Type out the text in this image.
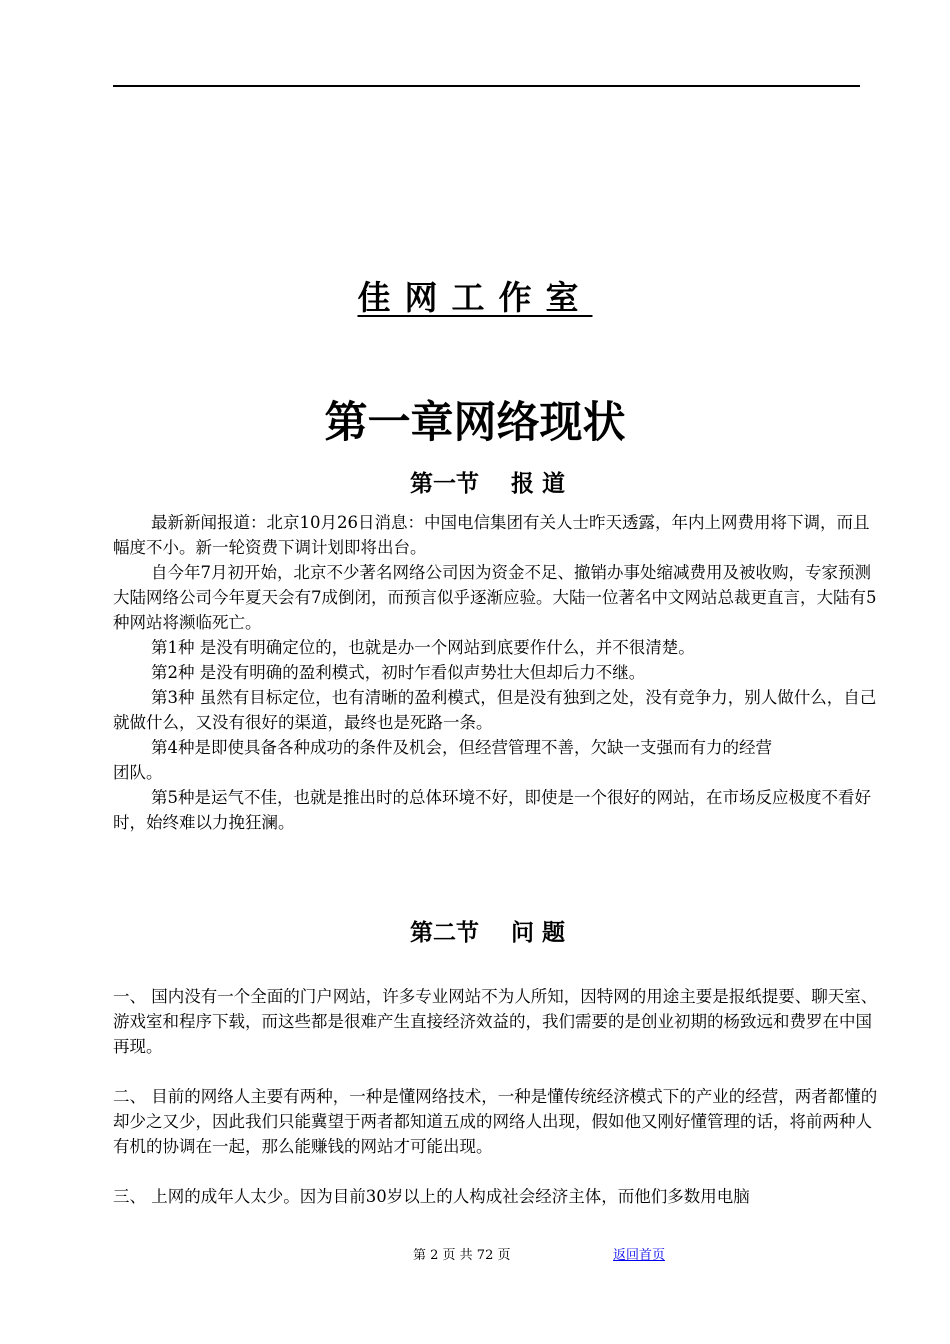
佳网工作室
第一章网络现状
第一节    报 道

最新新闻报道：北京10月26日消息：中国电信集团有关人士昨天透露，年内上网费用将下调，而且幅度不小。新一轮资费下调计划即将出台。

自今年7月初开始，北京不少著名网络公司因为资金不足、撤销办事处缩减费用及被收购，专家预测大陆网络公司今年夏天会有7成倒闭，而预言似乎逐渐应验。大陆一位著名中文网站总裁更直言，大陆有5种网站将濒临死亡。

第1种 是没有明确定位的，也就是办一个网站到底要作什么，并不很清楚。

第2种 是没有明确的盈利模式，初时乍看似声势壮大但却后力不继。

第3种 虽然有目标定位，也有清晰的盈利模式，但是没有独到之处，没有竞争力，别人做什么，自己就做什么，又没有很好的渠道，最终也是死路一条。

第4种是即使具备各种成功的条件及机会，但经营管理不善，欠缺一支强而有力的经营

团队。

第5种是运气不佳，也就是推出时的总体环境不好，即使是一个很好的网站，在市场反应极度不看好时，始终难以力挽狂澜。

第二节    问 题

一、 国内没有一个全面的门户网站，许多专业网站不为人所知，因特网的用途主要是报纸提要、聊天室、游戏室和程序下载，而这些都是很难产生直接经济效益的，我们需要的是创业初期的杨致远和费罗在中国再现。

二、 目前的网络人主要有两种，一种是懂网络技术，一种是懂传统经济模式下的产业的经营，两者都懂的却少之又少，因此我们只能冀望于两者都知道五成的网络人出现，假如他又刚好懂管理的话，将前两种人有机的协调在一起，那么能赚钱的网站才可能出现。

三、 上网的成年人太少。因为目前30岁以上的人构成社会经济主体，而他们多数用电脑

第 2 页 共 72 页	返回首页
